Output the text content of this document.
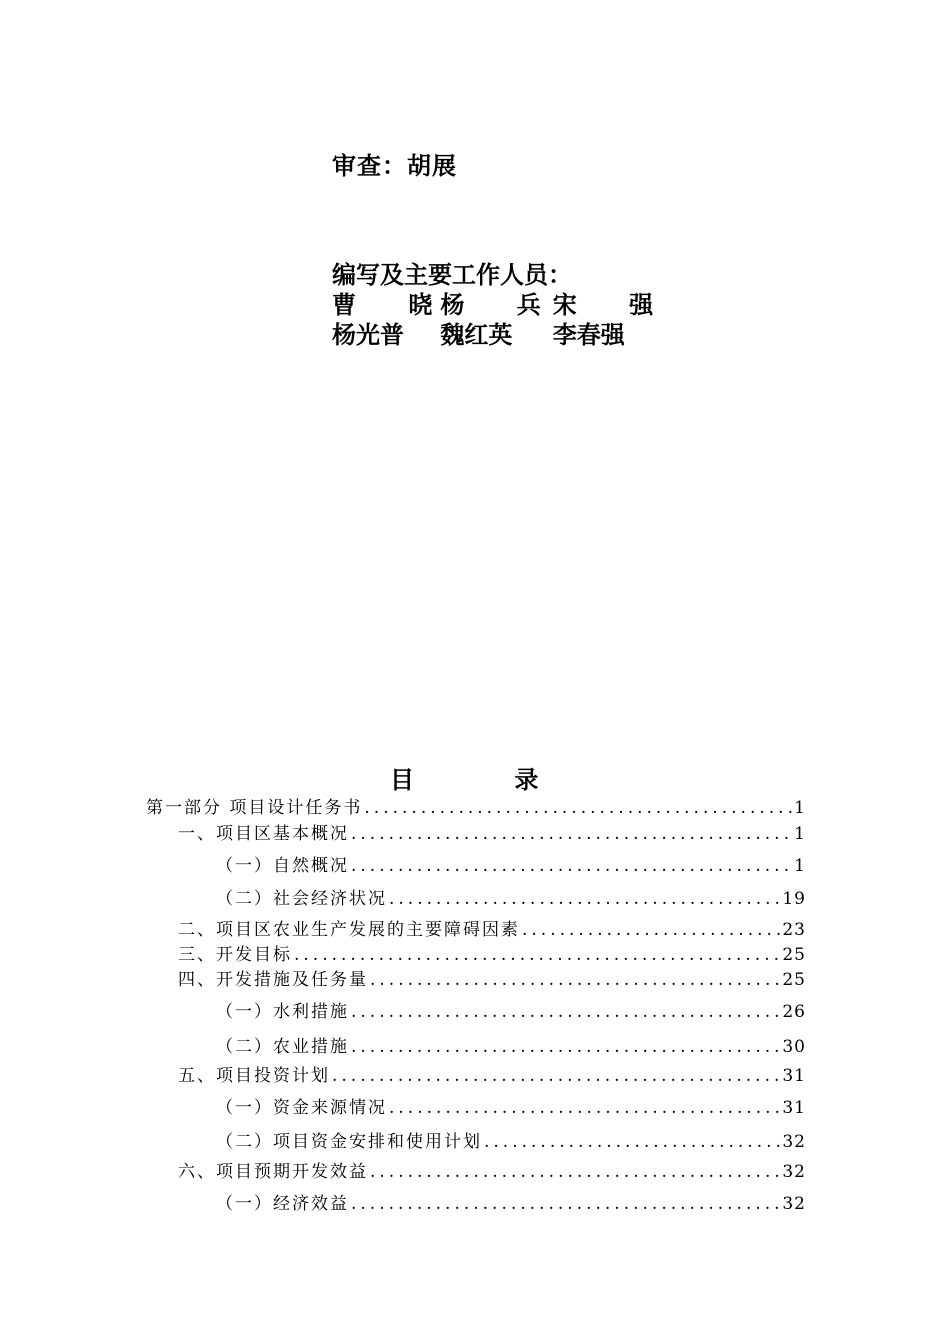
审查：胡展
编写及主要工作人员：
曹 晓 杨 兵 宋 强
杨光普 魏红英 李春强
目	录
第一部分 项目设计任务书 .....	1
一、项目区基本概况 .....	1
（一）自然概况 .....	1
（二）社会经济状况 .....	19
二、项目区农业生产发展的主要障碍因素 .....	23
三、开发目标 .....	25
四、开发措施及任务量 .....	25
（一）水利措施 .....	26
（二）农业措施 .....	30
五、项目投资计划 .....	31
（一）资金来源情况 .....	31
（二）项目资金安排和使用计划 .....	32
六、项目预期开发效益 .....	32
（一）经济效益 .....	32
